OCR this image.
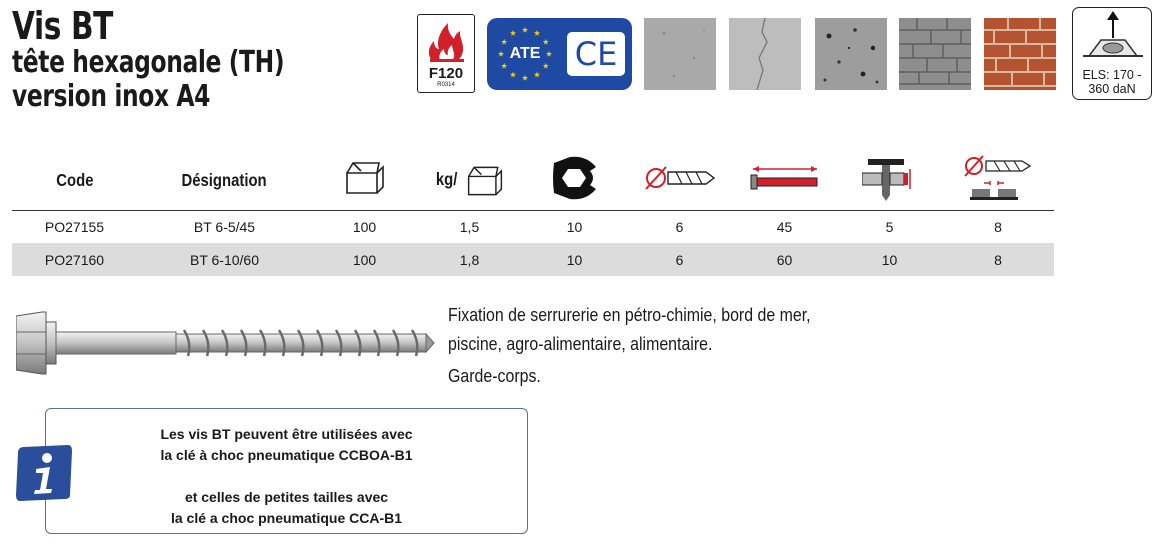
Vis BT
tête hexagonale (TH)
version inox A4
F120
R0314
ATE	CE
ELS: 170 - 360 daN
Code	Désignation		kg/					
PO27155	BT 6-5/45	100	1,5	10	6	45	5	8
PO27160	BT 6-10/60	100	1,8	10	6	60	10	8
Fixation de serrurerie en pétro-chimie, bord de mer,
piscine, agro-alimentaire, alimentaire.
Garde-corps.
Les vis BT peuvent être utilisées avec
la clé à choc pneumatique CCBOA-B1
et celles de petites tailles avec
la clé a choc pneumatique CCA-B1
